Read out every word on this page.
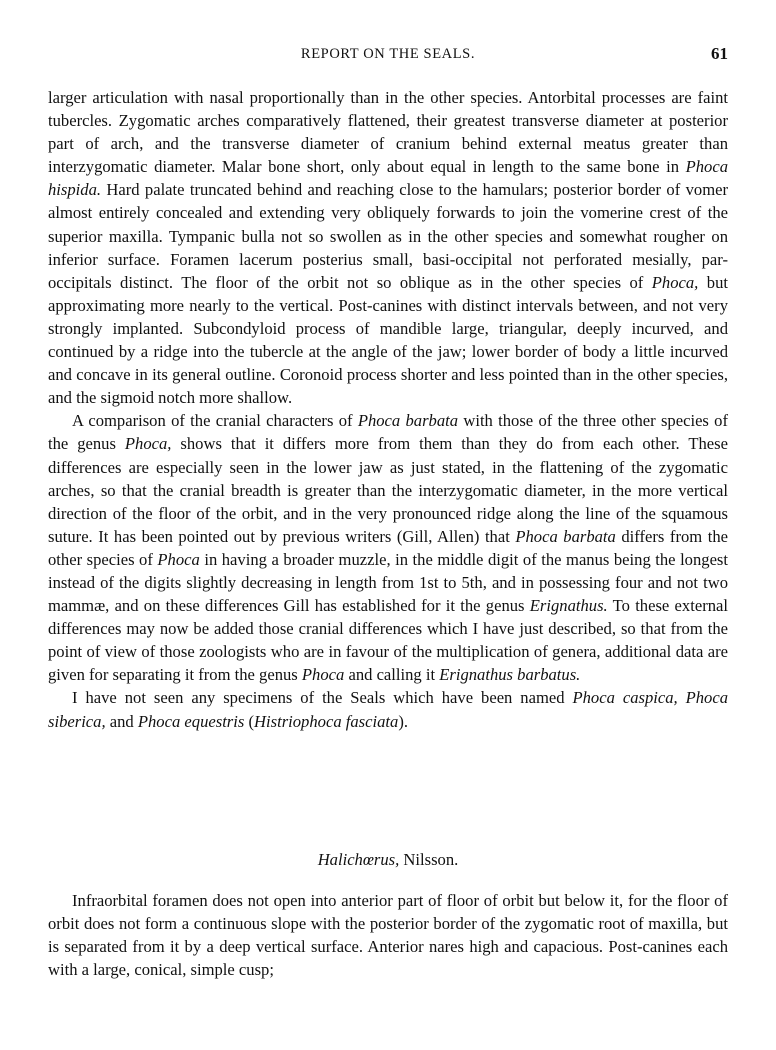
REPORT ON THE SEALS.	61

larger articulation with nasal proportionally than in the other species. Antorbital processes are faint tubercles. Zygomatic arches comparatively flattened, their greatest transverse diameter at posterior part of arch, and the transverse diameter of cranium behind external meatus greater than interzygomatic diameter. Malar bone short, only about equal in length to the same bone in Phoca hispida. Hard palate truncated behind and reaching close to the hamulars; posterior border of vomer almost entirely concealed and extending very obliquely forwards to join the vomerine crest of the superior maxilla. Tympanic bulla not so swollen as in the other species and somewhat rougher on inferior surface. Foramen lacerum posterius small, basi-occipital not perforated mesially, par-occipitals distinct. The floor of the orbit not so oblique as in the other species of Phoca, but approximating more nearly to the vertical. Post-canines with distinct intervals between, and not very strongly implanted. Subcondyloid process of mandible large, triangular, deeply incurved, and continued by a ridge into the tubercle at the angle of the jaw; lower border of body a little incurved and concave in its general outline. Coronoid process shorter and less pointed than in the other species, and the sigmoid notch more shallow.

A comparison of the cranial characters of Phoca barbata with those of the three other species of the genus Phoca, shows that it differs more from them than they do from each other. These differences are especially seen in the lower jaw as just stated, in the flattening of the zygomatic arches, so that the cranial breadth is greater than the interzygomatic diameter, in the more vertical direction of the floor of the orbit, and in the very pronounced ridge along the line of the squamous suture. It has been pointed out by previous writers (Gill, Allen) that Phoca barbata differs from the other species of Phoca in having a broader muzzle, in the middle digit of the manus being the longest instead of the digits slightly decreasing in length from 1st to 5th, and in possessing four and not two mammæ, and on these differences Gill has established for it the genus Erignathus. To these external differences may now be added those cranial differences which I have just described, so that from the point of view of those zoologists who are in favour of the multiplication of genera, additional data are given for separating it from the genus Phoca and calling it Erignathus barbatus.

I have not seen any specimens of the Seals which have been named Phoca caspica, Phoca siberica, and Phoca equestris (Histriophoca fasciata).

Halichœrus, Nilsson.

Infraorbital foramen does not open into anterior part of floor of orbit but below it, for the floor of orbit does not form a continuous slope with the posterior border of the zygomatic root of maxilla, but is separated from it by a deep vertical surface. Anterior nares high and capacious. Post-canines each with a large, conical, simple cusp;
